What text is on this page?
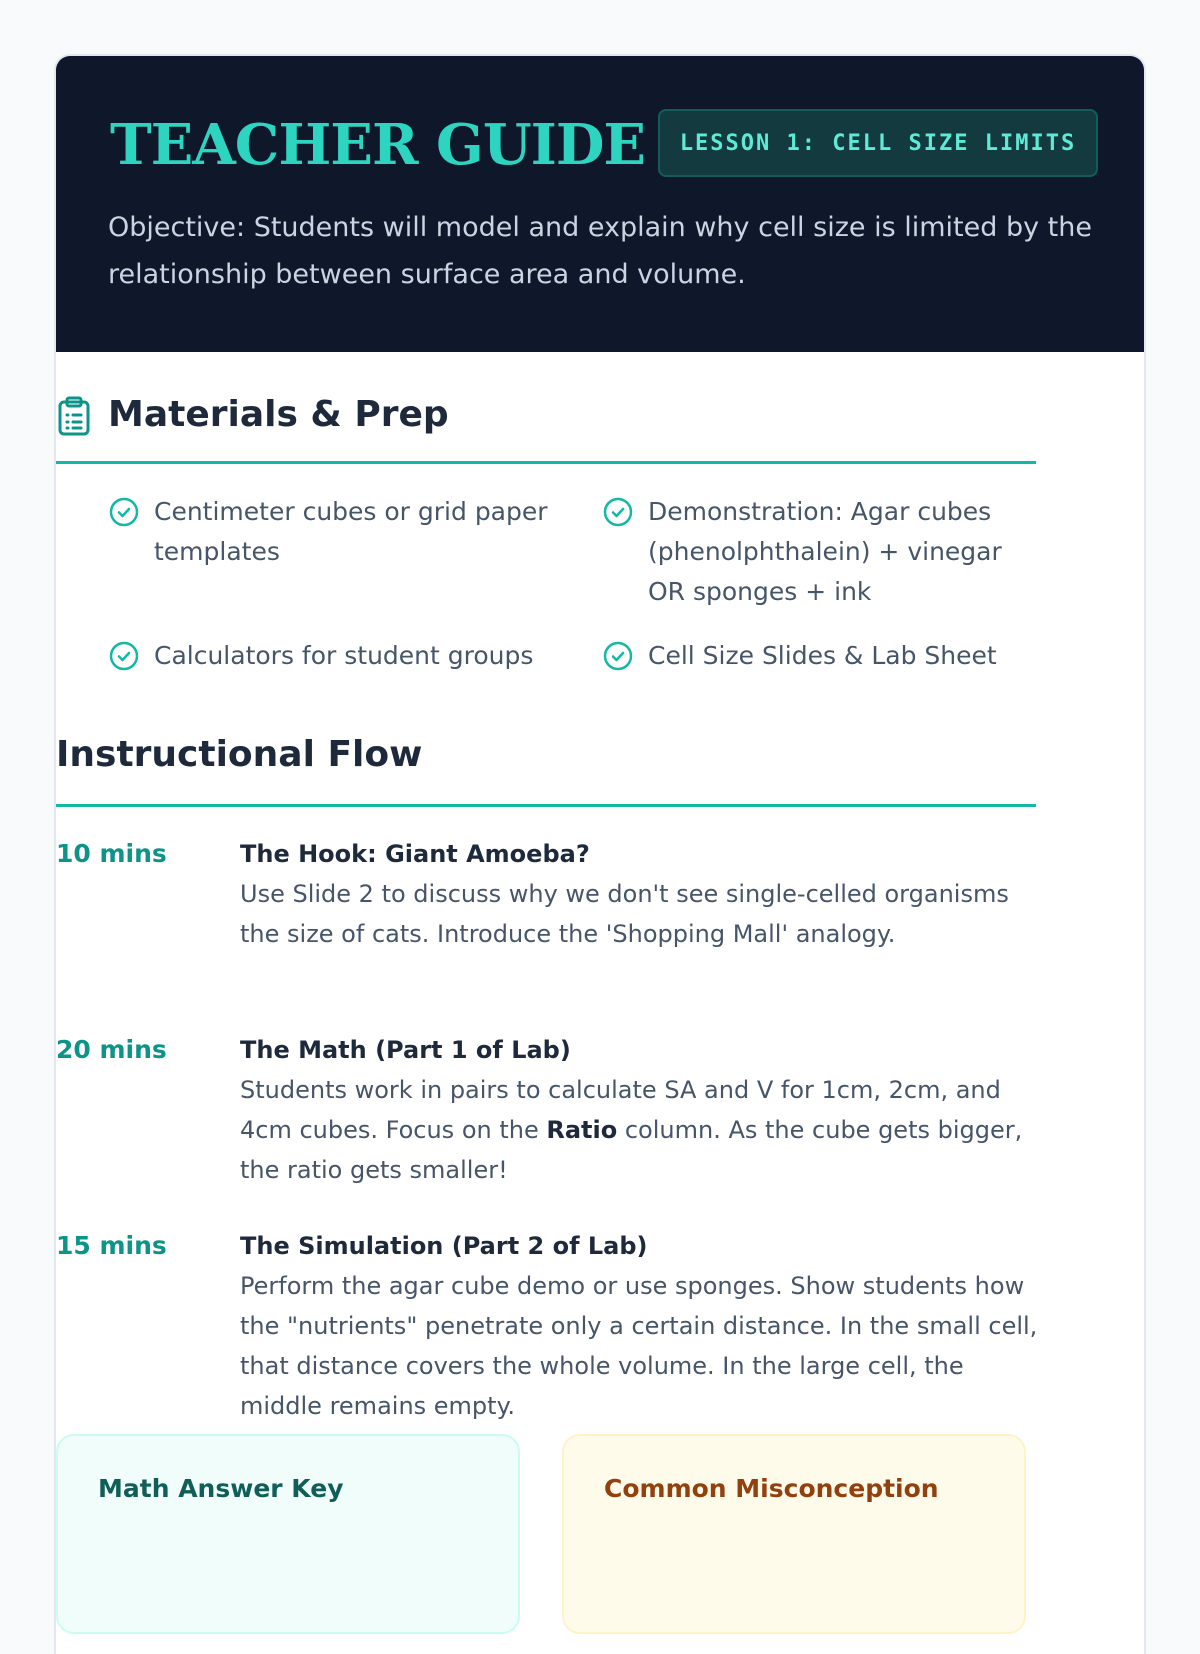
TEACHER GUIDE	LESSON 1: CELL SIZE LIMITS

Objective: Students will model and explain why cell size is limited by the relationship between surface area and volume.

Materials & Prep
Centimeter cubes or grid paper templates
Demonstration: Agar cubes (phenolphthalein) + vinegar OR sponges + ink
Calculators for student groups	Cell Size Slides & Lab Sheet
Instructional Flow
10 mins	The Hook: Giant Amoeba?
Use Slide 2 to discuss why we don't see single-celled organisms the size of cats. Introduce the 'Shopping Mall' analogy.
20 mins	The Math (Part 1 of Lab)
Students work in pairs to calculate SA and V for 1cm, 2cm, and 4cm cubes. Focus on the Ratio column. As the cube gets bigger, the ratio gets smaller!
15 mins	The Simulation (Part 2 of Lab)
Perform the agar cube demo or use sponges. Show students how the "nutrients" penetrate only a certain distance. In the small cell, that distance covers the whole volume. In the large cell, the middle remains empty.
Math Answer Key	Common Misconception
